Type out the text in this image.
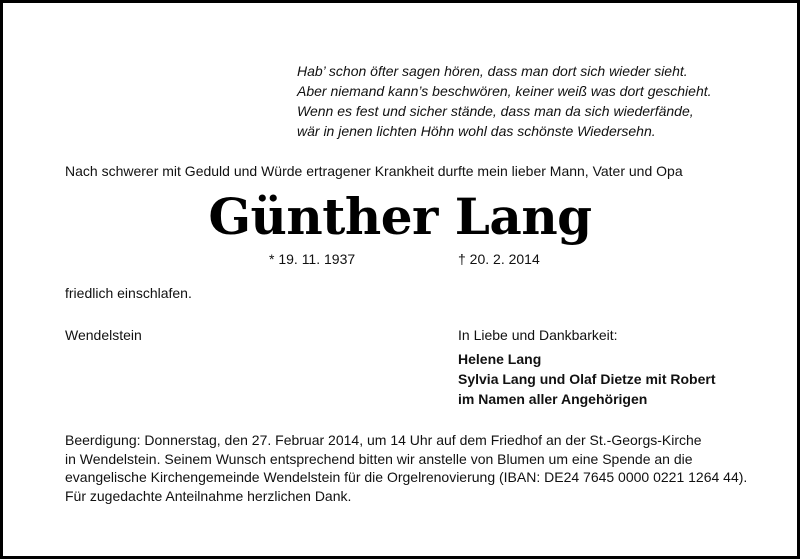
Hab’ schon öfter sagen hören, dass man dort sich wieder sieht.
Aber niemand kann’s beschwören, keiner weiß was dort geschieht.
Wenn es fest und sicher stände, dass man da sich wiederfände,
wär in jenen lichten Höhn wohl das schönste Wiedersehn.
Nach schwerer mit Geduld und Würde ertragener Krankheit durfte mein lieber Mann, Vater und Opa
Günther Lang
* 19. 11. 1937	† 20. 2. 2014
friedlich einschlafen.
Wendelstein	In Liebe und Dankbarkeit:
Helene Lang
Sylvia Lang und Olaf Dietze mit Robert
im Namen aller Angehörigen
Beerdigung: Donnerstag, den 27. Februar 2014, um 14 Uhr auf dem Friedhof an der St.-Georgs-Kirche
in Wendelstein. Seinem Wunsch entsprechend bitten wir anstelle von Blumen um eine Spende an die
evangelische Kirchengemeinde Wendelstein für die Orgelrenovierung (IBAN: DE24 7645 0000 0221 1264 44).
Für zugedachte Anteilnahme herzlichen Dank.
